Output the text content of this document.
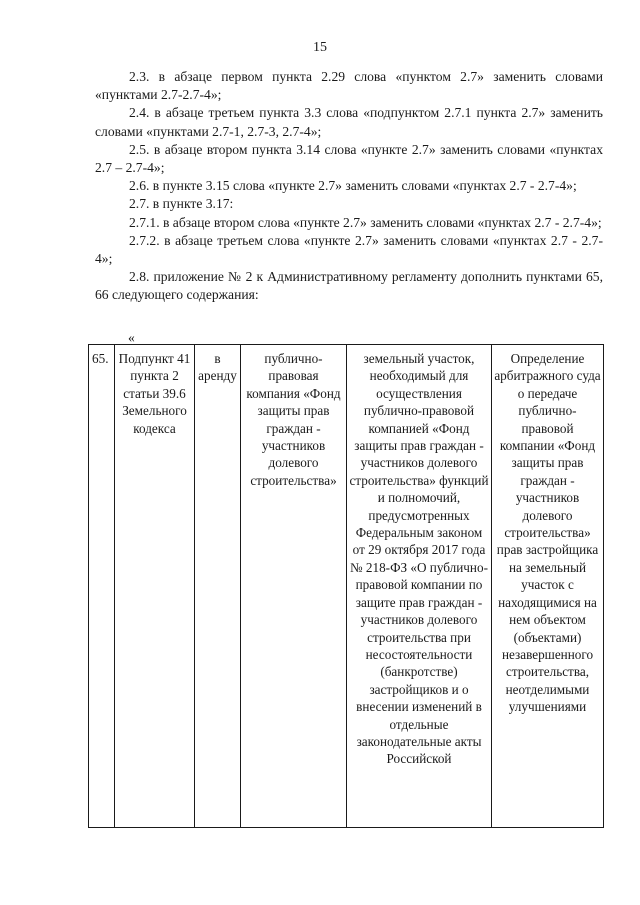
15

2.3. в абзаце первом пункта 2.29 слова «пунктом 2.7» заменить словами «пунктами 2.7-2.7-4»;

2.4. в абзаце третьем пункта 3.3 слова «подпунктом 2.7.1 пункта 2.7» заменить словами «пунктами 2.7-1, 2.7-3, 2.7-4»;

2.5. в абзаце втором пункта 3.14 слова «пункте 2.7» заменить словами «пунктах 2.7 – 2.7-4»;

2.6. в пункте 3.15 слова «пункте 2.7» заменить словами «пунктах 2.7 - 2.7-4»;

2.7. в пункте 3.17:

2.7.1. в абзаце втором слова «пункте 2.7» заменить словами «пунктах 2.7 - 2.7-4»;

2.7.2. в абзаце третьем слова «пункте 2.7» заменить словами «пунктах 2.7 - 2.7-4»;

2.8. приложение № 2 к Административному регламенту дополнить пунктами 65, 66 следующего содержания:

«
65.	Подпункт 41 пункта 2 статьи 39.6 Земельного кодекса	в аренду	публично-правовая компания «Фонд защиты прав граждан - участников долевого строительства»	земельный участок, необходимый для осуществления публично-правовой компанией «Фонд защиты прав граждан - участников долевого строительства» функций и полномочий, предусмотренных Федеральным законом от 29 октября 2017 года № 218-ФЗ «О публично-правовой компании по защите прав граждан - участников долевого строительства при несостоятельности (банкротстве) застройщиков и о внесении изменений в отдельные законодательные акты Российской	Определение арбитражного суда о передаче публично-правовой компании «Фонд защиты прав граждан - участников долевого строительства» прав застройщика на земельный участок с находящимися на нем объектом (объектами) незавершенного строительства, неотделимыми улучшениями
